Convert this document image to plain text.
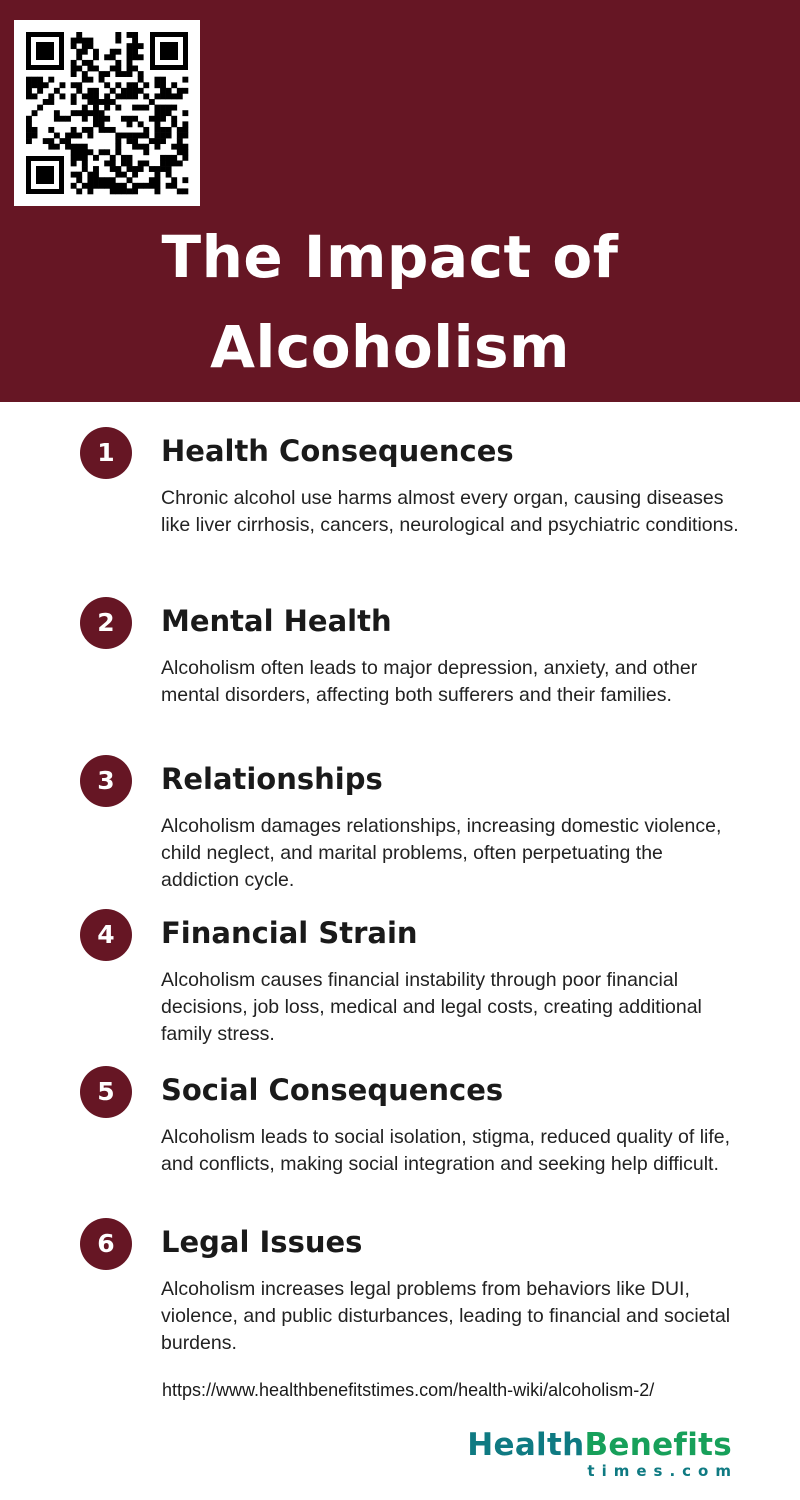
The Impact of
Alcoholism
1	Health Consequences
Chronic alcohol use harms almost every organ, causing diseases like liver cirrhosis, cancers, neurological and psychiatric conditions.
2	Mental Health
Alcoholism often leads to major depression, anxiety, and other mental disorders, affecting both sufferers and their families.
3	Relationships
Alcoholism damages relationships, increasing domestic violence, child neglect, and marital problems, often perpetuating the addiction cycle.
4	Financial Strain
Alcoholism causes financial instability through poor financial decisions, job loss, medical and legal costs, creating additional family stress.
5	Social Consequences
Alcoholism leads to social isolation, stigma, reduced quality of life, and conflicts, making social integration and seeking help difficult.
6	Legal Issues
Alcoholism increases legal problems from behaviors like DUI, violence, and public disturbances, leading to financial and societal burdens.
https://www.healthbenefitstimes.com/health-wiki/alcoholism-2/
HealthBenefits
times.com
